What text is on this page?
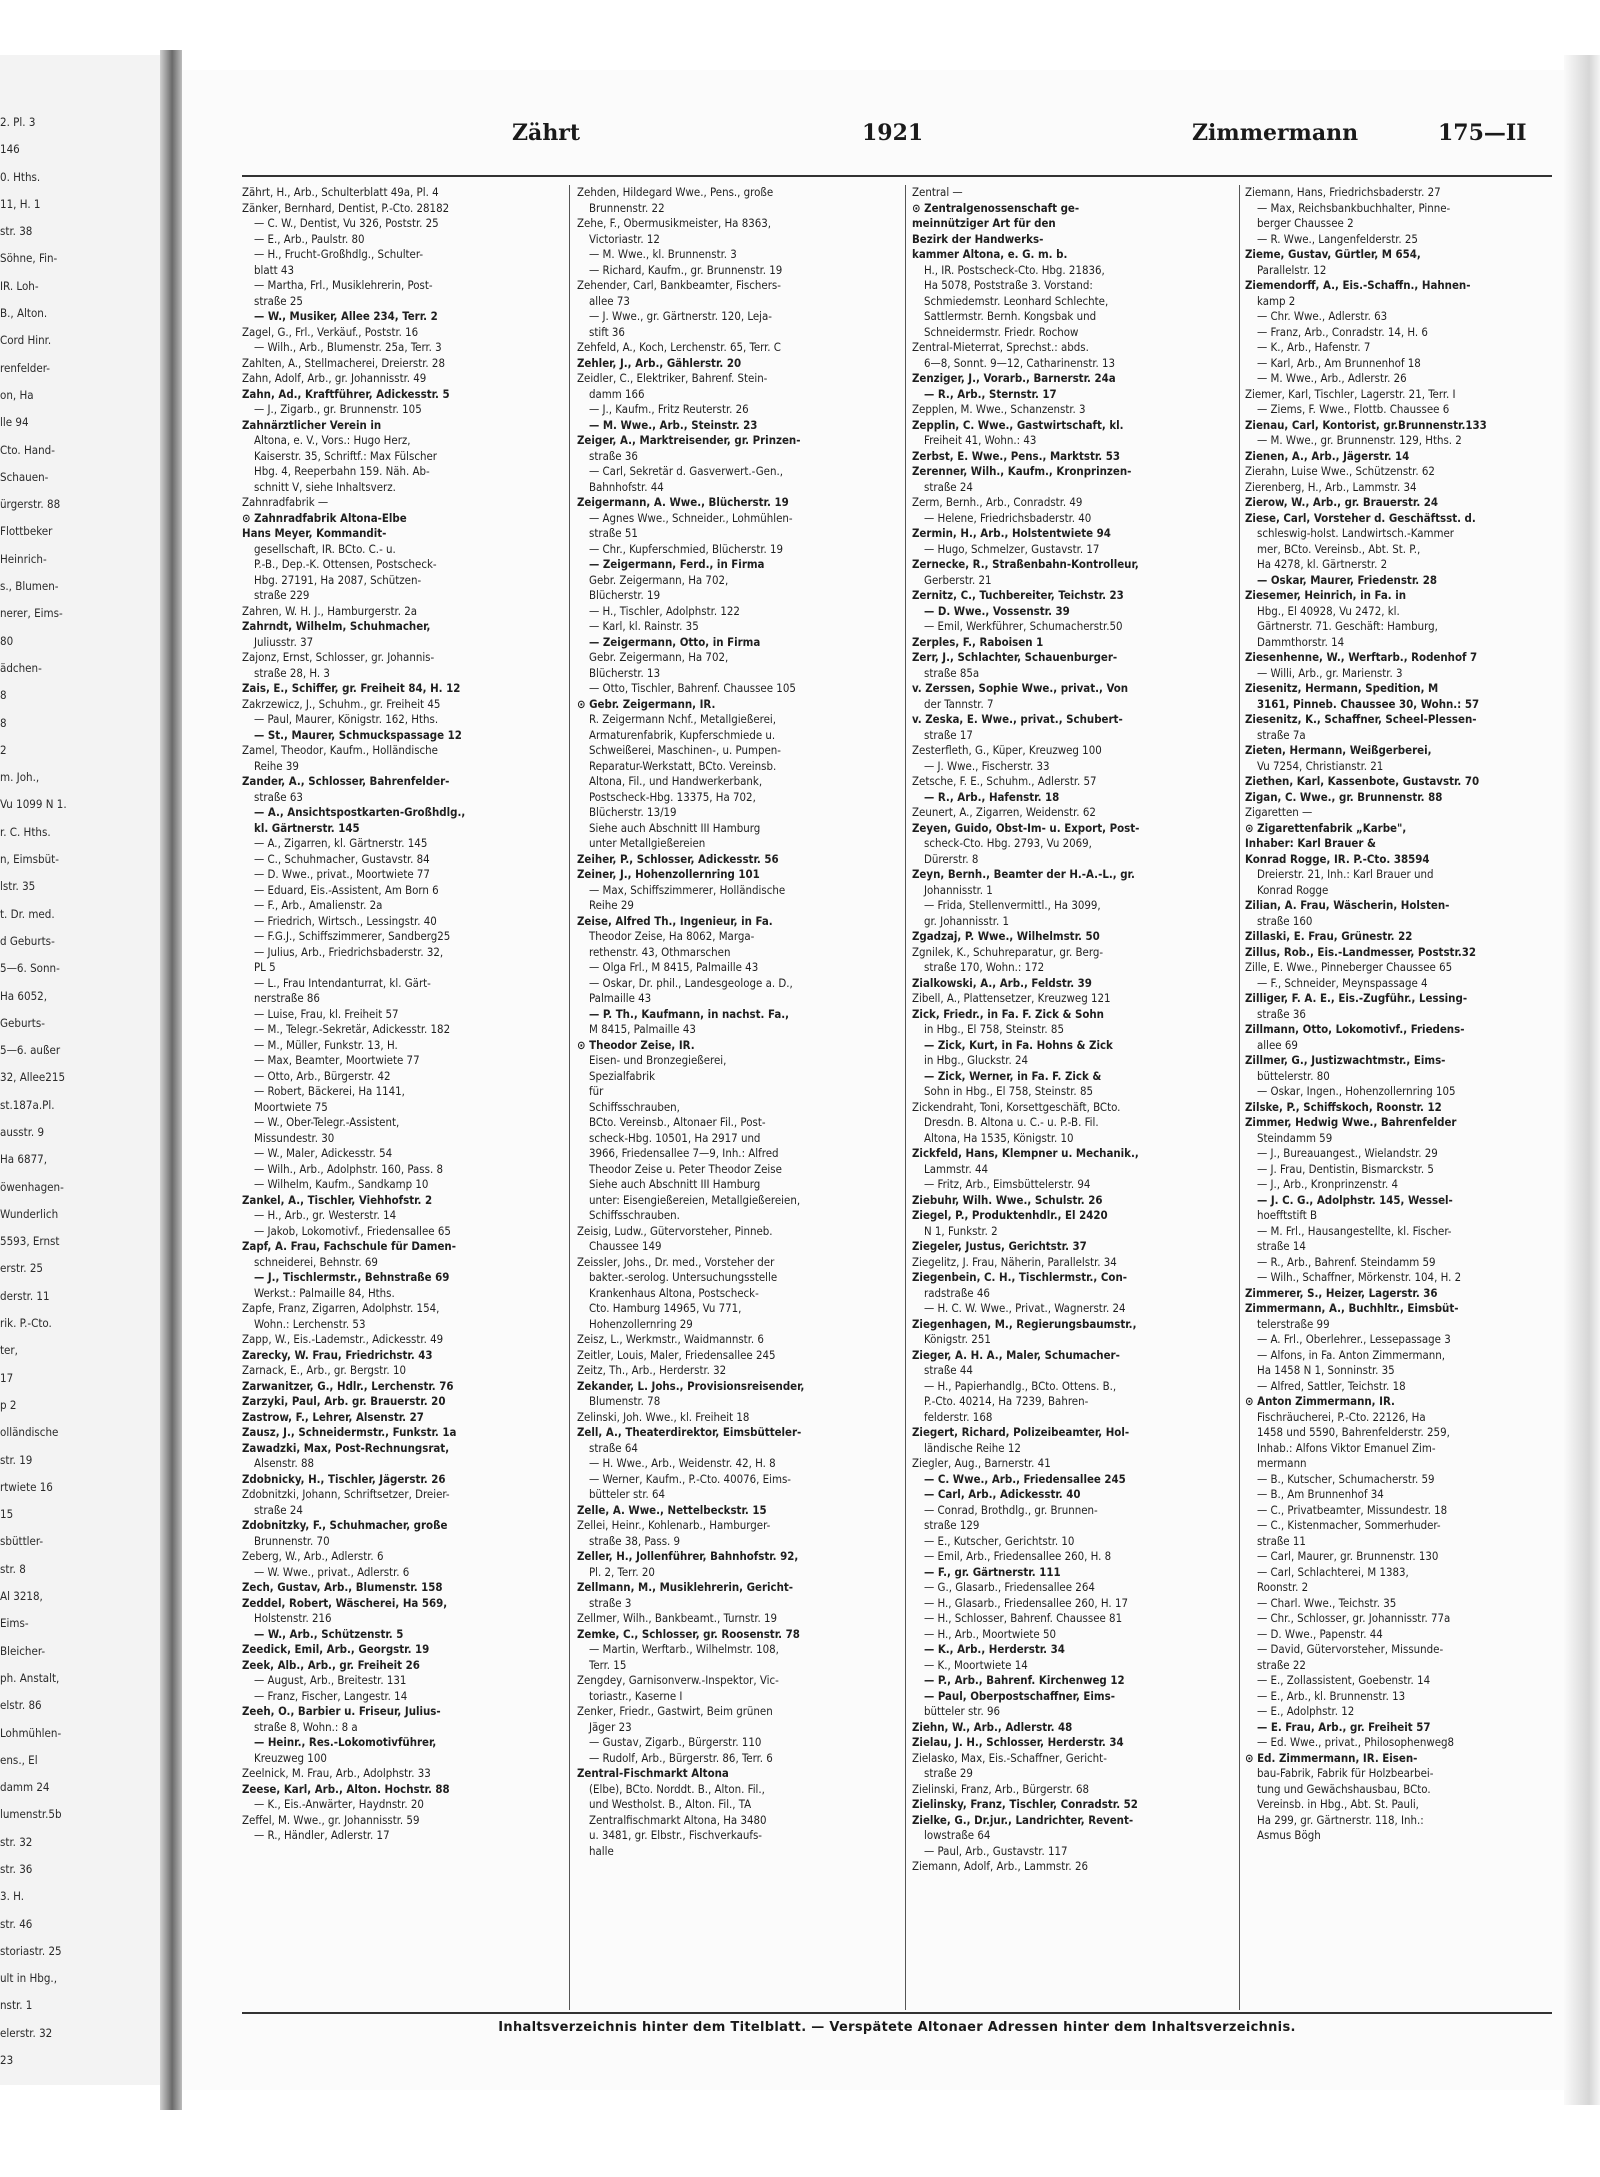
2. Pl. 3
146
0. Hths.
11, H. 1
str. 38
Söhne, Fin-
IR. Loh-
B., Alton.
Cord Hinr.
renfelder-
on, Ha
lle 94
Cto. Hand-
Schauen-
ürgerstr. 88
Flottbeker
Heinrich-
s., Blumen-
nerer, Eims-
80
ädchen-
8
8
2
m. Joh.,
Vu 1099 N 1.
r. C. Hths.
n, Eimsbüt-
lstr. 35
t. Dr. med.
d Geburts-
5—6. Sonn-
Ha 6052,
Geburts-
5—6. außer
32, Allee215
st.187a.Pl.
ausstr. 9
Ha 6877,
öwenhagen-
Wunderlich
5593, Ernst
erstr. 25
derstr. 11
rik. P.-Cto.
ter,
17
p 2
olländische
str. 19
rtwiete 16
15
sbüttler-
str. 8
Al 3218,
Eims-
Bleicher-
ph. Anstalt,
elstr. 86
Lohmühlen-
ens., El
damm 24
lumenstr.5b
str. 32
str. 36
3. H.
str. 46
storiastr. 25
ult in Hbg.,
nstr. 1
elerstr. 32
23
Zährt	1921	Zimmermann	175—II
Zährt, H., Arb., Schulterblatt 49a, Pl. 4
Zänker, Bernhard, Dentist, P.-Cto. 28182
— C. W., Dentist, Vu 326, Poststr. 25
— E., Arb., Paulstr. 80
— H., Frucht-Großhdlg., Schulter-
blatt 43
— Martha, Frl., Musiklehrerin, Post-
straße 25
— W., Musiker, Allee 234, Terr. 2
Zagel, G., Frl., Verkäuf., Poststr. 16
— Wilh., Arb., Blumenstr. 25a, Terr. 3
Zahlten, A., Stellmacherei, Dreierstr. 28
Zahn, Adolf, Arb., gr. Johannisstr. 49
Zahn, Ad., Kraftführer, Adickesstr. 5
— J., Zigarb., gr. Brunnenstr. 105
Zahnärztlicher Verein in
Altona, e. V., Vors.: Hugo Herz,
Kaiserstr. 35, Schriftf.: Max Fülscher
Hbg. 4, Reeperbahn 159. Näh. Ab-
schnitt V, siehe Inhaltsverz.
Zahnradfabrik —
⊙ Zahnradfabrik Altona-Elbe
Hans Meyer, Kommandit-
gesellschaft, IR. BCto. C.- u.
P.-B., Dep.-K. Ottensen, Postscheck-
Hbg. 27191, Ha 2087, Schützen-
straße 229
Zahren, W. H. J., Hamburgerstr. 2a
Zahrndt, Wilhelm, Schuhmacher,
Juliusstr. 37
Zajonz, Ernst, Schlosser, gr. Johannis-
straße 28, H. 3
Zais, E., Schiffer, gr. Freiheit 84, H. 12
Zakrzewicz, J., Schuhm., gr. Freiheit 45
— Paul, Maurer, Königstr. 162, Hths.
— St., Maurer, Schmuckspassage 12
Zamel, Theodor, Kaufm., Holländische
Reihe 39
Zander, A., Schlosser, Bahrenfelder-
straße 63
— A., Ansichtspostkarten-Großhdlg.,
kl. Gärtnerstr. 145
— A., Zigarren, kl. Gärtnerstr. 145
— C., Schuhmacher, Gustavstr. 84
— D. Wwe., privat., Moortwiete 77
— Eduard, Eis.-Assistent, Am Born 6
— F., Arb., Amalienstr. 2a
— Friedrich, Wirtsch., Lessingstr. 40
— F.G.J., Schiffszimmerer, Sandberg25
— Julius, Arb., Friedrichsbaderstr. 32,
PL 5
— L., Frau Intendanturrat, kl. Gärt-
nerstraße 86
— Luise, Frau, kl. Freiheit 57
— M., Telegr.-Sekretär, Adickesstr. 182
— M., Müller, Funkstr. 13, H.
— Max, Beamter, Moortwiete 77
— Otto, Arb., Bürgerstr. 42
— Robert, Bäckerei, Ha 1141,
Moortwiete 75
— W., Ober-Telegr.-Assistent,
Missundestr. 30
— W., Maler, Adickesstr. 54
— Wilh., Arb., Adolphstr. 160, Pass. 8
— Wilhelm, Kaufm., Sandkamp 10
Zankel, A., Tischler, Viehhofstr. 2
— H., Arb., gr. Westerstr. 14
— Jakob, Lokomotivf., Friedensallee 65
Zapf, A. Frau, Fachschule für Damen-
schneiderei, Behnstr. 69
— J., Tischlermstr., Behnstraße 69
Werkst.: Palmaille 84, Hths.
Zapfe, Franz, Zigarren, Adolphstr. 154,
Wohn.: Lerchenstr. 53
Zapp, W., Eis.-Lademstr., Adickesstr. 49
Zarecky, W. Frau, Friedrichstr. 43
Zarnack, E., Arb., gr. Bergstr. 10
Zarwanitzer, G., Hdlr., Lerchenstr. 76
Zarzyki, Paul, Arb. gr. Brauerstr. 20
Zastrow, F., Lehrer, Alsenstr. 27
Zausz, J., Schneidermstr., Funkstr. 1a
Zawadzki, Max, Post-Rechnungsrat,
Alsenstr. 88
Zdobnicky, H., Tischler, Jägerstr. 26
Zdobnitzki, Johann, Schriftsetzer, Dreier-
straße 24
Zdobnitzky, F., Schuhmacher, große
Brunnenstr. 70
Zeberg, W., Arb., Adlerstr. 6
— W. Wwe., privat., Adlerstr. 6
Zech, Gustav, Arb., Blumenstr. 158
Zeddel, Robert, Wäscherei, Ha 569,
Holstenstr. 216
— W., Arb., Schützenstr. 5
Zeedick, Emil, Arb., Georgstr. 19
Zeek, Alb., Arb., gr. Freiheit 26
— August, Arb., Breitestr. 131
— Franz, Fischer, Langestr. 14
Zeeh, O., Barbier u. Friseur, Julius-
straße 8, Wohn.: 8 a
— Heinr., Res.-Lokomotivführer,
Kreuzweg 100
Zeelnick, M. Frau, Arb., Adolphstr. 33
Zeese, Karl, Arb., Alton. Hochstr. 88
— K., Eis.-Anwärter, Haydnstr. 20
Zeffel, M. Wwe., gr. Johannisstr. 59
— R., Händler, Adlerstr. 17
Zehden, Hildegard Wwe., Pens., große
Brunnenstr. 22
Zehe, F., Obermusikmeister, Ha 8363,
Victoriastr. 12
— M. Wwe., kl. Brunnenstr. 3
— Richard, Kaufm., gr. Brunnenstr. 19
Zehender, Carl, Bankbeamter, Fischers-
allee 73
— J. Wwe., gr. Gärtnerstr. 120, Leja-
stift 36
Zehfeld, A., Koch, Lerchenstr. 65, Terr. C
Zehler, J., Arb., Gählerstr. 20
Zeidler, C., Elektriker, Bahrenf. Stein-
damm 166
— J., Kaufm., Fritz Reuterstr. 26
— M. Wwe., Arb., Steinstr. 23
Zeiger, A., Marktreisender, gr. Prinzen-
straße 36
— Carl, Sekretär d. Gasverwert.-Gen.,
Bahnhofstr. 44
Zeigermann, A. Wwe., Blücherstr. 19
— Agnes Wwe., Schneider., Lohmühlen-
straße 51
— Chr., Kupferschmied, Blücherstr. 19
— Zeigermann, Ferd., in Firma
Gebr. Zeigermann, Ha 702,
Blücherstr. 19
— H., Tischler, Adolphstr. 122
— Karl, kl. Rainstr. 35
— Zeigermann, Otto, in Firma
Gebr. Zeigermann, Ha 702,
Blücherstr. 13
— Otto, Tischler, Bahrenf. Chaussee 105
⊙ Gebr. Zeigermann, IR.
R. Zeigermann Nchf., Metallgießerei,
Armaturenfabrik, Kupferschmiede u.
Schweißerei, Maschinen-, u. Pumpen-
Reparatur-Werkstatt, BCto. Vereinsb.
Altona, Fil., und Handwerkerbank,
Postscheck-Hbg. 13375, Ha 702,
Blücherstr. 13/19
Siehe auch Abschnitt III Hamburg
unter Metallgießereien
Zeiher, P., Schlosser, Adickesstr. 56
Zeiner, J., Hohenzollernring 101
— Max, Schiffszimmerer, Holländische
Reihe 29
Zeise, Alfred Th., Ingenieur, in Fa.
Theodor Zeise, Ha 8062, Marga-
rethenstr. 43, Othmarschen
— Olga Frl., M 8415, Palmaille 43
— Oskar, Dr. phil., Landesgeologe a. D.,
Palmaille 43
— P. Th., Kaufmann, in nachst. Fa.,
M 8415, Palmaille 43
⊙ Theodor Zeise, IR.
Eisen- und Bronzegießerei,
Spezialfabrik
für
Schiffsschrauben,
BCto. Vereinsb., Altonaer Fil., Post-
scheck-Hbg. 10501, Ha 2917 und
3966, Friedensallee 7—9, Inh.: Alfred
Theodor Zeise u. Peter Theodor Zeise
Siehe auch Abschnitt III Hamburg
unter: Eisengießereien, Metallgießereien,
Schiffsschrauben.
Zeisig, Ludw., Gütervorsteher, Pinneb.
Chaussee 149
Zeissler, Johs., Dr. med., Vorsteher der
bakter.-serolog. Untersuchungsstelle
Krankenhaus Altona, Postscheck-
Cto. Hamburg 14965, Vu 771,
Hohenzollernring 29
Zeisz, L., Werkmstr., Waidmannstr. 6
Zeitler, Louis, Maler, Friedensallee 245
Zeitz, Th., Arb., Herderstr. 32
Zekander, L. Johs., Provisionsreisender,
Blumenstr. 78
Zelinski, Joh. Wwe., kl. Freiheit 18
Zell, A., Theaterdirektor, Eimsbütteler-
straße 64
— H. Wwe., Arb., Weidenstr. 42, H. 8
— Werner, Kaufm., P.-Cto. 40076, Eims-
bütteler str. 64
Zelle, A. Wwe., Nettelbeckstr. 15
Zellei, Heinr., Kohlenarb., Hamburger-
straße 38, Pass. 9
Zeller, H., Jollenführer, Bahnhofstr. 92,
Pl. 2, Terr. 20
Zellmann, M., Musiklehrerin, Gericht-
straße 3
Zellmer, Wilh., Bankbeamt., Turnstr. 19
Zemke, C., Schlosser, gr. Roosenstr. 78
— Martin, Werftarb., Wilhelmstr. 108,
Terr. 15
Zengdey, Garnisonverw.-Inspektor, Vic-
toriastr., Kaserne I
Zenker, Friedr., Gastwirt, Beim grünen
Jäger 23
— Gustav, Zigarb., Bürgerstr. 110
— Rudolf, Arb., Bürgerstr. 86, Terr. 6
Zentral-Fischmarkt Altona
(Elbe), BCto. Norddt. B., Alton. Fil.,
und Westholst. B., Alton. Fil., TA
Zentralfischmarkt Altona, Ha 3480
u. 3481, gr. Elbstr., Fischverkaufs-
halle
Zentral —
⊙ Zentralgenossenschaft ge-
meinnütziger Art für den
Bezirk der Handwerks-
kammer Altona, e. G. m. b.
H., IR. Postscheck-Cto. Hbg. 21836,
Ha 5078, Poststraße 3. Vorstand:
Schmiedemstr. Leonhard Schlechte,
Sattlermstr. Bernh. Kongsbak und
Schneidermstr. Friedr. Rochow
Zentral-Mieterrat, Sprechst.: abds.
6—8, Sonnt. 9—12, Catharinenstr. 13
Zenziger, J., Vorarb., Barnerstr. 24a
— R., Arb., Sternstr. 17
Zepplen, M. Wwe., Schanzenstr. 3
Zepplin, C. Wwe., Gastwirtschaft, kl.
Freiheit 41, Wohn.: 43
Zerbst, E. Wwe., Pens., Marktstr. 53
Zerenner, Wilh., Kaufm., Kronprinzen-
straße 24
Zerm, Bernh., Arb., Conradstr. 49
— Helene, Friedrichsbaderstr. 40
Zermin, H., Arb., Holstentwiete 94
— Hugo, Schmelzer, Gustavstr. 17
Zernecke, R., Straßenbahn-Kontrolleur,
Gerberstr. 21
Zernitz, C., Tuchbereiter, Teichstr. 23
— D. Wwe., Vossenstr. 39
— Emil, Werkführer, Schumacherstr.50
Zerples, F., Raboisen 1
Zerr, J., Schlachter, Schauenburger-
straße 85a
v. Zerssen, Sophie Wwe., privat., Von
der Tannstr. 7
v. Zeska, E. Wwe., privat., Schubert-
straße 17
Zesterfleth, G., Küper, Kreuzweg 100
— J. Wwe., Fischerstr. 33
Zetsche, F. E., Schuhm., Adlerstr. 57
— R., Arb., Hafenstr. 18
Zeunert, A., Zigarren, Weidenstr. 62
Zeyen, Guido, Obst-Im- u. Export, Post-
scheck-Cto. Hbg. 2793, Vu 2069,
Dürerstr. 8
Zeyn, Bernh., Beamter der H.-A.-L., gr.
Johannisstr. 1
— Frida, Stellenvermittl., Ha 3099,
gr. Johannisstr. 1
Zgadzaj, P. Wwe., Wilhelmstr. 50
Zgnilek, K., Schuhreparatur, gr. Berg-
straße 170, Wohn.: 172
Zialkowski, A., Arb., Feldstr. 39
Zibell, A., Plattensetzer, Kreuzweg 121
Zick, Friedr., in Fa. F. Zick & Sohn
in Hbg., El 758, Steinstr. 85
— Zick, Kurt, in Fa. Hohns & Zick
in Hbg., Gluckstr. 24
— Zick, Werner, in Fa. F. Zick &
Sohn in Hbg., El 758, Steinstr. 85
Zickendraht, Toni, Korsettgeschäft, BCto.
Dresdn. B. Altona u. C.- u. P.-B. Fil.
Altona, Ha 1535, Königstr. 10
Zickfeld, Hans, Klempner u. Mechanik.,
Lammstr. 44
— Fritz, Arb., Eimsbüttelerstr. 94
Ziebuhr, Wilh. Wwe., Schulstr. 26
Ziegel, P., Produktenhdlr., El 2420
N 1, Funkstr. 2
Ziegeler, Justus, Gerichtstr. 37
Ziegelitz, J. Frau, Näherin, Parallelstr. 34
Ziegenbein, C. H., Tischlermstr., Con-
radstraße 46
— H. C. W. Wwe., Privat., Wagnerstr. 24
Ziegenhagen, M., Regierungsbaumstr.,
Königstr. 251
Zieger, A. H. A., Maler, Schumacher-
straße 44
— H., Papierhandlg., BCto. Ottens. B.,
P.-Cto. 40214, Ha 7239, Bahren-
felderstr. 168
Ziegert, Richard, Polizeibeamter, Hol-
ländische Reihe 12
Ziegler, Aug., Barnerstr. 41
— C. Wwe., Arb., Friedensallee 245
— Carl, Arb., Adickesstr. 40
— Conrad, Brothdlg., gr. Brunnen-
straße 129
— E., Kutscher, Gerichtstr. 10
— Emil, Arb., Friedensallee 260, H. 8
— F., gr. Gärtnerstr. 111
— G., Glasarb., Friedensallee 264
— H., Glasarb., Friedensallee 260, H. 17
— H., Schlosser, Bahrenf. Chaussee 81
— H., Arb., Moortwiete 50
— K., Arb., Herderstr. 34
— K., Moortwiete 14
— P., Arb., Bahrenf. Kirchenweg 12
— Paul, Oberpostschaffner, Eims-
bütteler str. 96
Ziehn, W., Arb., Adlerstr. 48
Zielau, J. H., Schlosser, Herderstr. 34
Zielasko, Max, Eis.-Schaffner, Gericht-
straße 29
Zielinski, Franz, Arb., Bürgerstr. 68
Zielinsky, Franz, Tischler, Conradstr. 52
Zielke, G., Dr.jur., Landrichter, Revent-
lowstraße 64
— Paul, Arb., Gustavstr. 117
Ziemann, Adolf, Arb., Lammstr. 26
Ziemann, Hans, Friedrichsbaderstr. 27
— Max, Reichsbankbuchhalter, Pinne-
berger Chaussee 2
— R. Wwe., Langenfelderstr. 25
Zieme, Gustav, Gürtler, M 654,
Parallelstr. 12
Ziemendorff, A., Eis.-Schaffn., Hahnen-
kamp 2
— Chr. Wwe., Adlerstr. 63
— Franz, Arb., Conradstr. 14, H. 6
— K., Arb., Hafenstr. 7
— Karl, Arb., Am Brunnenhof 18
— M. Wwe., Arb., Adlerstr. 26
Ziemer, Karl, Tischler, Lagerstr. 21, Terr. I
— Ziems, F. Wwe., Flottb. Chaussee 6
Zienau, Carl, Kontorist, gr.Brunnenstr.133
— M. Wwe., gr. Brunnenstr. 129, Hths. 2
Zienen, A., Arb., Jägerstr. 14
Zierahn, Luise Wwe., Schützenstr. 62
Zierenberg, H., Arb., Lammstr. 34
Zierow, W., Arb., gr. Brauerstr. 24
Ziese, Carl, Vorsteher d. Geschäftsst. d.
schleswig-holst. Landwirtsch.-Kammer
mer, BCto. Vereinsb., Abt. St. P.,
Ha 4278, kl. Gärtnerstr. 2
— Oskar, Maurer, Friedenstr. 28
Ziesemer, Heinrich, in Fa. in
Hbg., El 40928, Vu 2472, kl.
Gärtnerstr. 71. Geschäft: Hamburg,
Dammthorstr. 14
Ziesenhenne, W., Werftarb., Rodenhof 7
— Willi, Arb., gr. Marienstr. 3
Ziesenitz, Hermann, Spedition, M
3161, Pinneb. Chaussee 30, Wohn.: 57
Ziesenitz, K., Schaffner, Scheel-Plessen-
straße 7a
Zieten, Hermann, Weißgerberei,
Vu 7254, Christianstr. 21
Ziethen, Karl, Kassenbote, Gustavstr. 70
Zigan, C. Wwe., gr. Brunnenstr. 88
Zigaretten —
⊙ Zigarettenfabrik „Karbe",
Inhaber: Karl Brauer &
Konrad Rogge, IR. P.-Cto. 38594
Dreierstr. 21, Inh.: Karl Brauer und
Konrad Rogge
Zilian, A. Frau, Wäscherin, Holsten-
straße 160
Zillaski, E. Frau, Grünestr. 22
Zillus, Rob., Eis.-Landmesser, Poststr.32
Zille, E. Wwe., Pinneberger Chaussee 65
— F., Schneider, Meynspassage 4
Zilliger, F. A. E., Eis.-Zugführ., Lessing-
straße 36
Zillmann, Otto, Lokomotivf., Friedens-
allee 69
Zillmer, G., Justizwachtmstr., Eims-
büttelerstr. 80
— Oskar, Ingen., Hohenzollernring 105
Zilske, P., Schiffskoch, Roonstr. 12
Zimmer, Hedwig Wwe., Bahrenfelder
Steindamm 59
— J., Bureauangest., Wielandstr. 29
— J. Frau, Dentistin, Bismarckstr. 5
— J., Arb., Kronprinzenstr. 4
— J. C. G., Adolphstr. 145, Wessel-
hoefftstift B
— M. Frl., Hausangestellte, kl. Fischer-
straße 14
— R., Arb., Bahrenf. Steindamm 59
— Wilh., Schaffner, Mörkenstr. 104, H. 2
Zimmerer, S., Heizer, Lagerstr. 36
Zimmermann, A., Buchhltr., Eimsbüt-
telerstraße 99
— A. Frl., Oberlehrer., Lessepassage 3
— Alfons, in Fa. Anton Zimmermann,
Ha 1458 N 1, Sonninstr. 35
— Alfred, Sattler, Teichstr. 18
⊙ Anton Zimmermann, IR.
Fischräucherei, P.-Cto. 22126, Ha
1458 und 5590, Bahrenfelderstr. 259,
Inhab.: Alfons Viktor Emanuel Zim-
mermann
— B., Kutscher, Schumacherstr. 59
— B., Am Brunnenhof 34
— C., Privatbeamter, Missundestr. 18
— C., Kistenmacher, Sommerhuder-
straße 11
— Carl, Maurer, gr. Brunnenstr. 130
— Carl, Schlachterei, M 1383,
Roonstr. 2
— Charl. Wwe., Teichstr. 35
— Chr., Schlosser, gr. Johannisstr. 77a
— D. Wwe., Papenstr. 44
— David, Gütervorsteher, Missunde-
straße 22
— E., Zollassistent, Goebenstr. 14
— E., Arb., kl. Brunnenstr. 13
— E., Adolphstr. 12
— E. Frau, Arb., gr. Freiheit 57
— Ed. Wwe., privat., Philosophenweg8
⊙ Ed. Zimmermann, IR. Eisen-
bau-Fabrik, Fabrik für Holzbearbei-
tung und Gewächshausbau, BCto.
Vereinsb. in Hbg., Abt. St. Pauli,
Ha 299, gr. Gärtnerstr. 118, Inh.:
Asmus Bögh
Inhaltsverzeichnis hinter dem Titelblatt. — Verspätete Altonaer Adressen hinter dem Inhaltsverzeichnis.
